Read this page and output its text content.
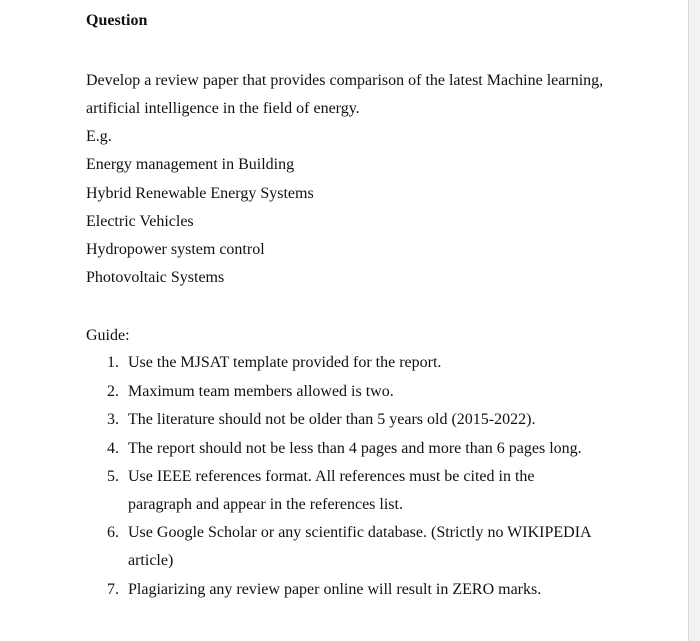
Question
Develop a review paper that provides comparison of the latest Machine learning,
artificial intelligence in the field of energy.
E.g.
Energy management in Building
Hybrid Renewable Energy Systems
Electric Vehicles
Hydropower system control
Photovoltaic Systems
Guide:
1. Use the MJSAT template provided for the report.
2. Maximum team members allowed is two.
3. The literature should not be older than 5 years old (2015-2022).
4. The report should not be less than 4 pages and more than 6 pages long.
5. Use IEEE references format. All references must be cited in the
paragraph and appear in the references list.
6. Use Google Scholar or any scientific database. (Strictly no WIKIPEDIA
article)
7. Plagiarizing any review paper online will result in ZERO marks.
